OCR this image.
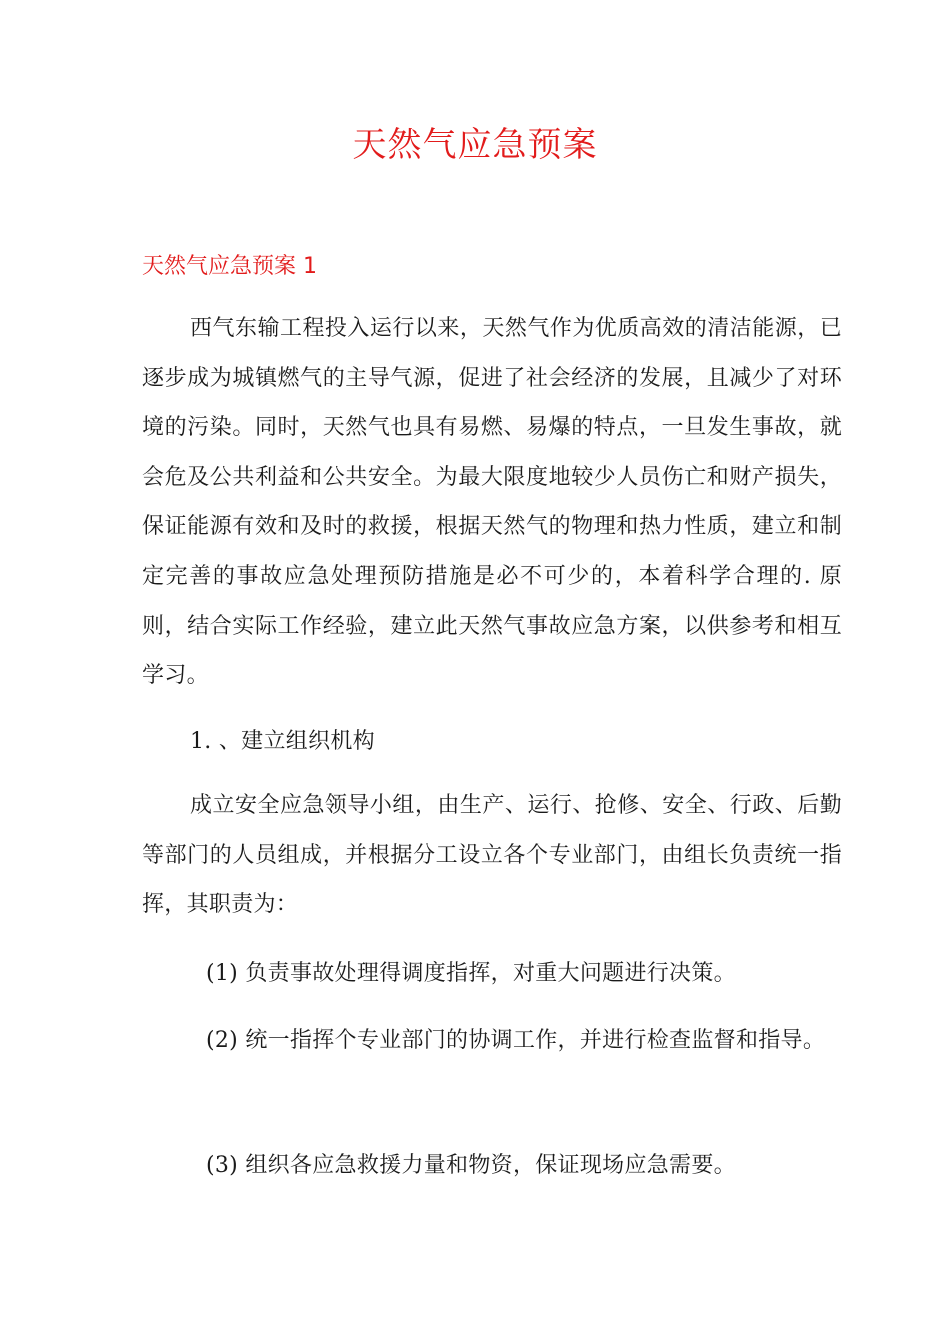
天然气应急预案
天然气应急预案 1

西气东输工程投入运行以来，天然气作为优质高效的清洁能源，已逐步成为城镇燃气的主导气源，促进了社会经济的发展，且减少了对环境的污染。同时，天然气也具有易燃、易爆的特点，一旦发生事故，就会危及公共利益和公共安全。为最大限度地较少人员伤亡和财产损失，保证能源有效和及时的救援，根据天然气的物理和热力性质，建立和制定完善的事故应急处理预防措施是必不可少的，本着科学合理的. 原则，结合实际工作经验，建立此天然气事故应急方案，以供参考和相互学习。

1. 、建立组织机构

成立安全应急领导小组，由生产、运行、抢修、安全、行政、后勤等部门的人员组成，并根据分工设立各个专业部门，由组长负责统一指挥，其职责为：

(1) 负责事故处理得调度指挥，对重大问题进行决策。

(2) 统一指挥个专业部门的协调工作，并进行检查监督和指导。

(3) 组织各应急救援力量和物资，保证现场应急需要。
